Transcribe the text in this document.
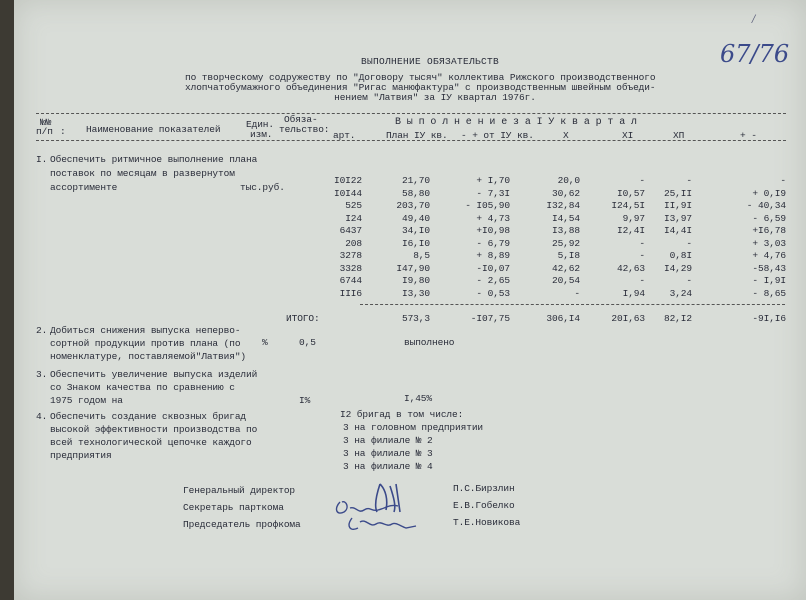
67/76
/
ВЫПОЛНЕНИЕ ОБЯЗАТЕЛЬСТВ
по творческому содружеству по "Договору тысяч" коллектива Рижского производственного
хлопчатобумажного объединения "Ригас манюфактура" с производственным швейным объеди-
нением "Латвия" за IУ квартал 1976г.
№№
п/п : Наименование показателей	Един.
изм.
Обяза-
тельство:
В ы п о л н е н и е з а I У к в а р т а л
арт.	План IУ кв. - + от IУ кв.	X	XI	XП	+ -
I. Обеспечить ритмичное выполнение плана
поставок по месяцам в развернутом
ассортименте	тыс.руб.
I0I22	21,70	+ I,70	20,0	-	-	-
I0I44	58,80	- 7,3I	30,62	I0,57	25,II	+ 0,I9
525	203,70	- I05,90	I32,84	I24,5I	II,9I	- 40,34
I24	49,40	+ 4,73	I4,54	9,97	I3,97	- 6,59
6437	34,I0	+I0,98	I3,88	I2,4I	I4,4I	+I6,78
208	I6,I0	- 6,79	25,92	-	-	+ 3,03
3278	8,5	+ 8,89	5,I8	-	0,8I	+ 4,76
3328	I47,90	-I0,07	42,62	42,63	I4,29	-58,43
6744	I9,80	- 2,65	20,54	-	-	- I,9I
III6	I3,30	- 0,53	-	I,94	3,24	- 8,65
ИТОГО:	573,3	-I07,75	306,I4	20I,63	82,I2	-9I,I6
2. Добиться снижения выпуска неперво-
сортной продукции против плана (по
номенклатуре, поставляемой"Латвия")
%	0,5	выполнено
3. Обеспечить увеличение выпуска изделий
со Знаком качества по сравнению с
1975 годом на	I%	I,45%
4. Обеспечить создание сквозных бригад
высокой эффективности производства по
всей технологической цепочке каждого
предприятия
I2 бригад в том числе:
3 на головном предприятии
3 на филиале № 2
3 на филиале № 3
3 на филиале № 4
Генеральный директор
Секретарь парткома
Председатель профкома
П.С.Бирзлин
Е.В.Гобелко
Т.Е.Новикова
